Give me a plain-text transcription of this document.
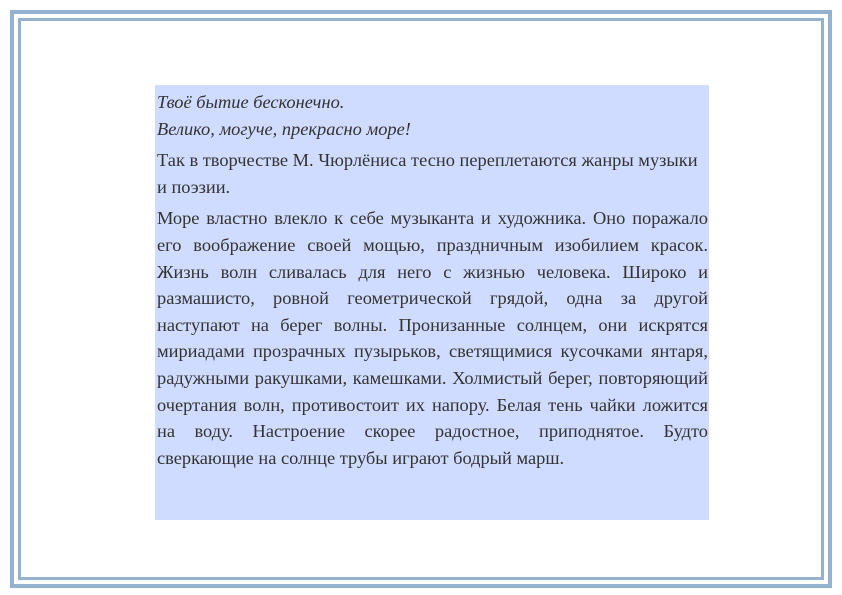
Твоё бытие бесконечно.

Велико, могуче, прекрасно море!

Так в творчестве М. Чюрлёниса тесно переплетаются жанры музыки и поэзии.

Море властно влекло к себе музыканта и художника. Оно поражало его воображение своей мощью, праздничным изобилием красок. Жизнь волн сливалась для него с жизнью человека. Широко и размашисто, ровной геометрической грядой, одна за другой наступают на берег волны. Пронизанные солнцем, они искрятся мириадами прозрачных пузырьков, светящимися кусочками янтаря, радужными ракушками, камешками. Холмистый берег, повторяющий очертания волн, противостоит их напору. Белая тень чайки ложится на воду. Настроение скорее радостное, приподнятое. Будто сверкающие на солнце трубы играют бодрый марш.
